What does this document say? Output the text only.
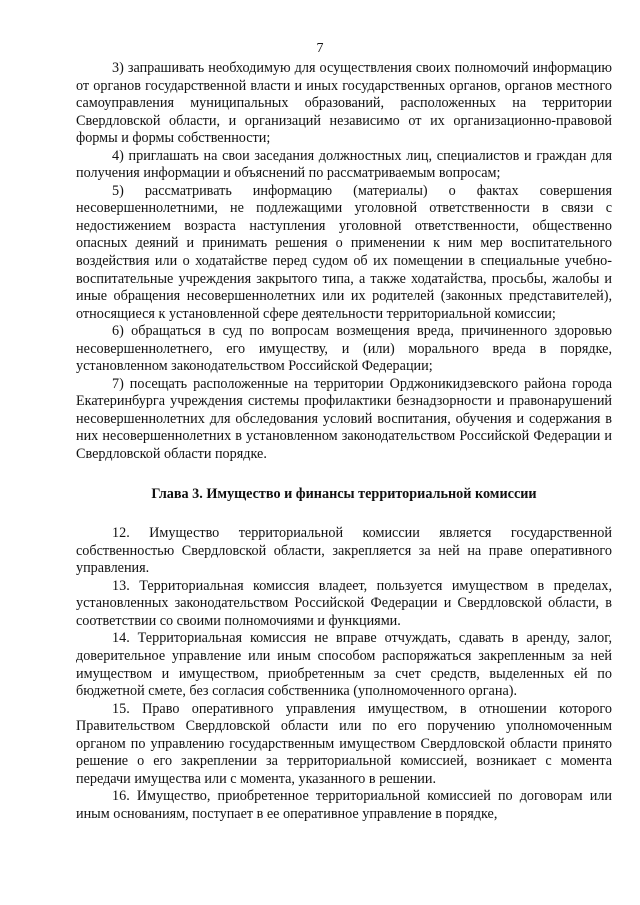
7

3) запрашивать необходимую для осуществления своих полномочий информацию от органов государственной власти и иных государственных органов, органов местного самоуправления муниципальных образований, расположенных на территории Свердловской области, и организаций независимо от их организационно-правовой формы и формы собственности;

4) приглашать на свои заседания должностных лиц, специалистов и граждан для получения информации и объяснений по рассматриваемым вопросам;

5) рассматривать информацию (материалы) о фактах совершения несовершеннолетними, не подлежащими уголовной ответственности в связи с недостижением возраста наступления уголовной ответственности, общественно опасных деяний и принимать решения о применении к ним мер воспитательного воздействия или о ходатайстве перед судом об их помещении в специальные учебно-воспитательные учреждения закрытого типа, а также ходатайства, просьбы, жалобы и иные обращения несовершеннолетних или их родителей (законных представителей), относящиеся к установленной сфере деятельности территориальной комиссии;

6) обращаться в суд по вопросам возмещения вреда, причиненного здоровью несовершеннолетнего, его имуществу, и (или) морального вреда в порядке, установленном законодательством Российской Федерации;

7) посещать расположенные на территории Орджоникидзевского района города Екатеринбурга учреждения системы профилактики безнадзорности и правонарушений несовершеннолетних для обследования условий воспитания, обучения и содержания в них несовершеннолетних в установленном законодательством Российской Федерации и Свердловской области порядке.

Глава 3. Имущество и финансы территориальной комиссии

12. Имущество территориальной комиссии является государственной собственностью Свердловской области, закрепляется за ней на праве оперативного управления.

13. Территориальная комиссия владеет, пользуется имуществом в пределах, установленных законодательством Российской Федерации и Свердловской области, в соответствии со своими полномочиями и функциями.

14. Территориальная комиссия не вправе отчуждать, сдавать в аренду, залог, доверительное управление или иным способом распоряжаться закрепленным за ней имуществом и имуществом, приобретенным за счет средств, выделенных ей по бюджетной смете, без согласия собственника (уполномоченного органа).

15. Право оперативного управления имуществом, в отношении которого Правительством Свердловской области или по его поручению уполномоченным органом по управлению государственным имуществом Свердловской области принято решение о его закреплении за территориальной комиссией, возникает с момента передачи имущества или с момента, указанного в решении.

16. Имущество, приобретенное территориальной комиссией по договорам или иным основаниям, поступает в ее оперативное управление в порядке,
